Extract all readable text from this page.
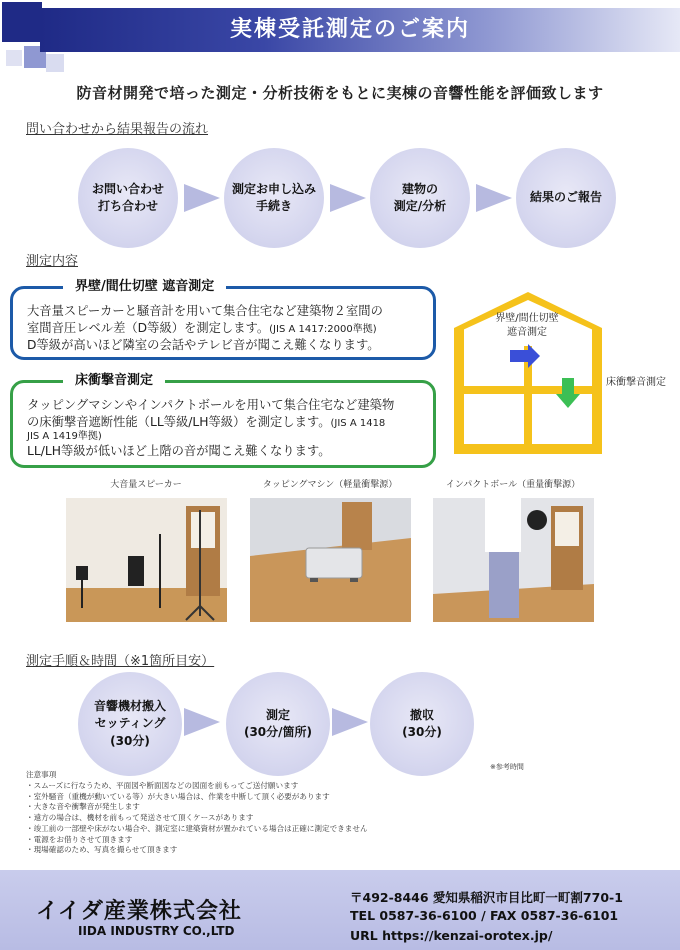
実棟受託測定のご案内
防音材開発で培った測定・分析技術をもとに実棟の音響性能を評価致します
問い合わせから結果報告の流れ
お問い合わせ
打ち合わせ
測定お申し込み
手続き
建物の
測定/分析
結果のご報告
測定内容
界壁/間仕切壁 遮音測定
大音量スピーカーと騒音計を用いて集合住宅など建築物２室間の
室間音圧レベル差（D等級）を測定します。(JIS A 1417:2000準拠)
D等級が高いほど隣室の会話やテレビ音が聞こえ難くなります。
床衝撃音測定
タッピングマシンやインパクトボールを用いて集合住宅など建築物
の床衝撃音遮断性能（LL等級/LH等級）を測定します。(JIS A 1418
JIS A 1419準拠)
LL/LH等級が低いほど上階の音が聞こえ難くなります。
界壁/間仕切壁
遮音測定
床衝撃音測定
大音量スピーカー	タッピングマシン（軽量衝撃源）	インパクトボール（重量衝撃源）
測定手順＆時間（※1箇所目安）
音響機材搬入
セッティング
(30分)
測定
(30分/箇所)
撤収
(30分)
※参考時間
注意事項
・スムーズに行なうため、平面図や断面図などの図面を前もってご送付願います
・室外騒音（重機が動いている等）が大きい場合は、作業を中断して頂く必要があります
・大きな音や衝撃音が発生します
・遠方の場合は、機材を前もって発送させて頂くケースがあります
・竣工前の一部壁や床がない場合や、測定室に建築資材が置かれている場合は正確に測定できません
・電源をお借りさせて頂きます
・現場確認のため、写真を撮らせて頂きます
イイダ産業株式会社
IIDA INDUSTRY CO.,LTD
〒492-8446 愛知県稲沢市目比町一町割770-1
TEL 0587-36-6100 / FAX 0587-36-6101
URL https://kenzai-orotex.jp/
